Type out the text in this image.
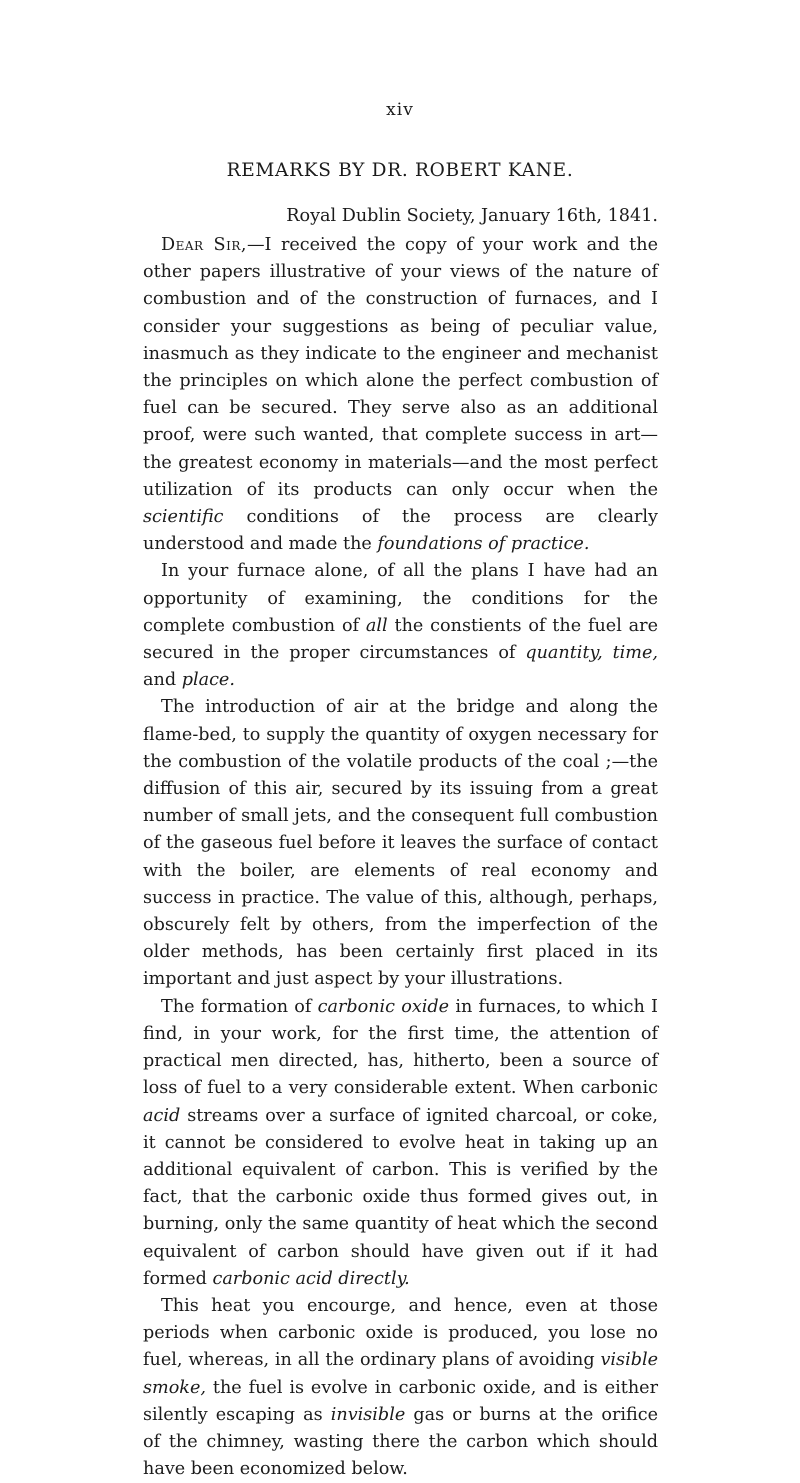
xiv
REMARKS BY DR. ROBERT KANE.
Royal Dublin Society, January 16th, 1841.

Dear Sir,—I received the copy of your work and the other papers illustrative of your views of the nature of combustion and of the construction of furnaces, and I consider your suggestions as being of peculiar value, inasmuch as they indicate to the engineer and mechanist the principles on which alone the perfect combustion of fuel can be secured. They serve also as an additional proof, were such wanted, that complete success in art—the greatest economy in materials—and the most perfect utilization of its products can only occur when the scientific conditions of the process are clearly understood and made the foundations of practice.

In your furnace alone, of all the plans I have had an opportunity of examining, the conditions for the complete combustion of all the constients of the fuel are secured in the proper circumstances of quantity, time, and place.

The introduction of air at the bridge and along the flame-bed, to supply the quantity of oxygen necessary for the combustion of the volatile products of the coal ;—the diffusion of this air, secured by its issuing from a great number of small jets, and the consequent full combustion of the gaseous fuel before it leaves the surface of contact with the boiler, are elements of real economy and success in practice. The value of this, although, perhaps, obscurely felt by others, from the imperfection of the older methods, has been certainly first placed in its important and just aspect by your illustrations.

The formation of carbonic oxide in furnaces, to which I find, in your work, for the first time, the attention of practical men directed, has, hitherto, been a source of loss of fuel to a very considerable extent. When carbonic acid streams over a surface of ignited charcoal, or coke, it cannot be considered to evolve heat in taking up an additional equivalent of carbon. This is verified by the fact, that the carbonic oxide thus formed gives out, in burning, only the same quantity of heat which the second equivalent of carbon should have given out if it had formed carbonic acid directly.

This heat you encourge, and hence, even at those periods when carbonic oxide is produced, you lose no fuel, whereas, in all the ordinary plans of avoiding visible smoke, the fuel is evolve in carbonic oxide, and is either silently escaping as invisible gas or burns at the orifice of the chimney, wasting there the carbon which should have been economized below.
